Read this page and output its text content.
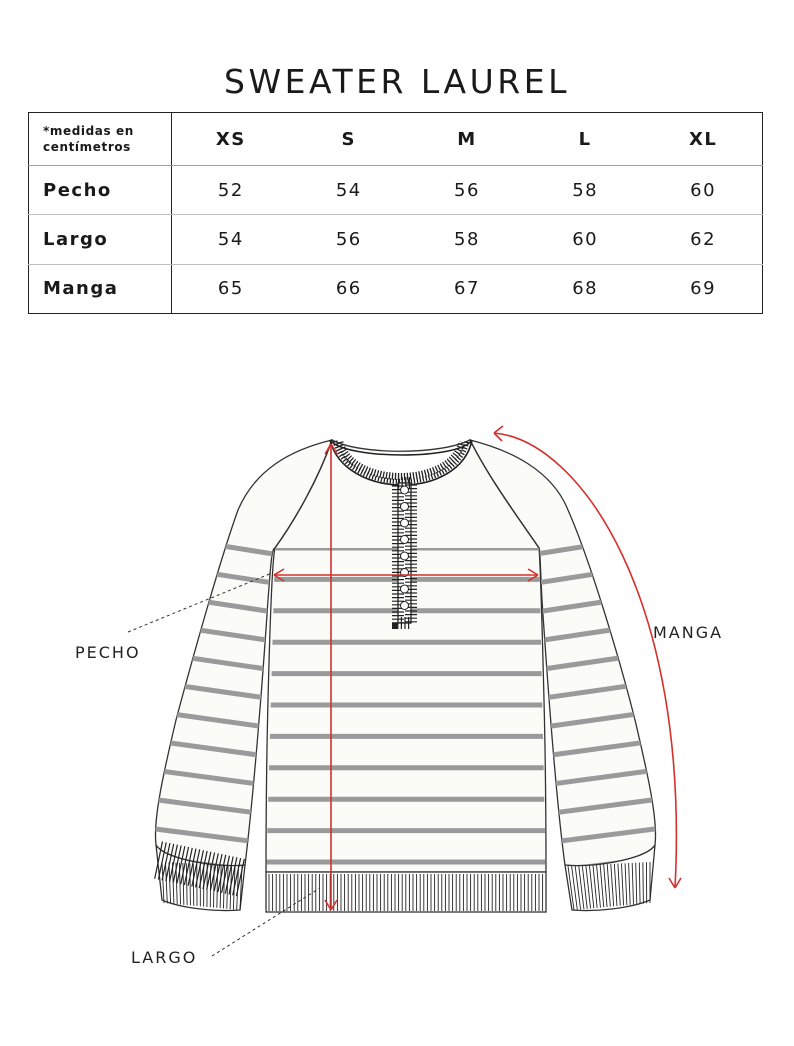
SWEATER LAUREL
*medidas en
centímetros	XS	S	M	L	XL
Pecho	52	54	56	58	60
Largo	54	56	58	60	62
Manga	65	66	67	68	69
PECHO
LARGO
MANGA
